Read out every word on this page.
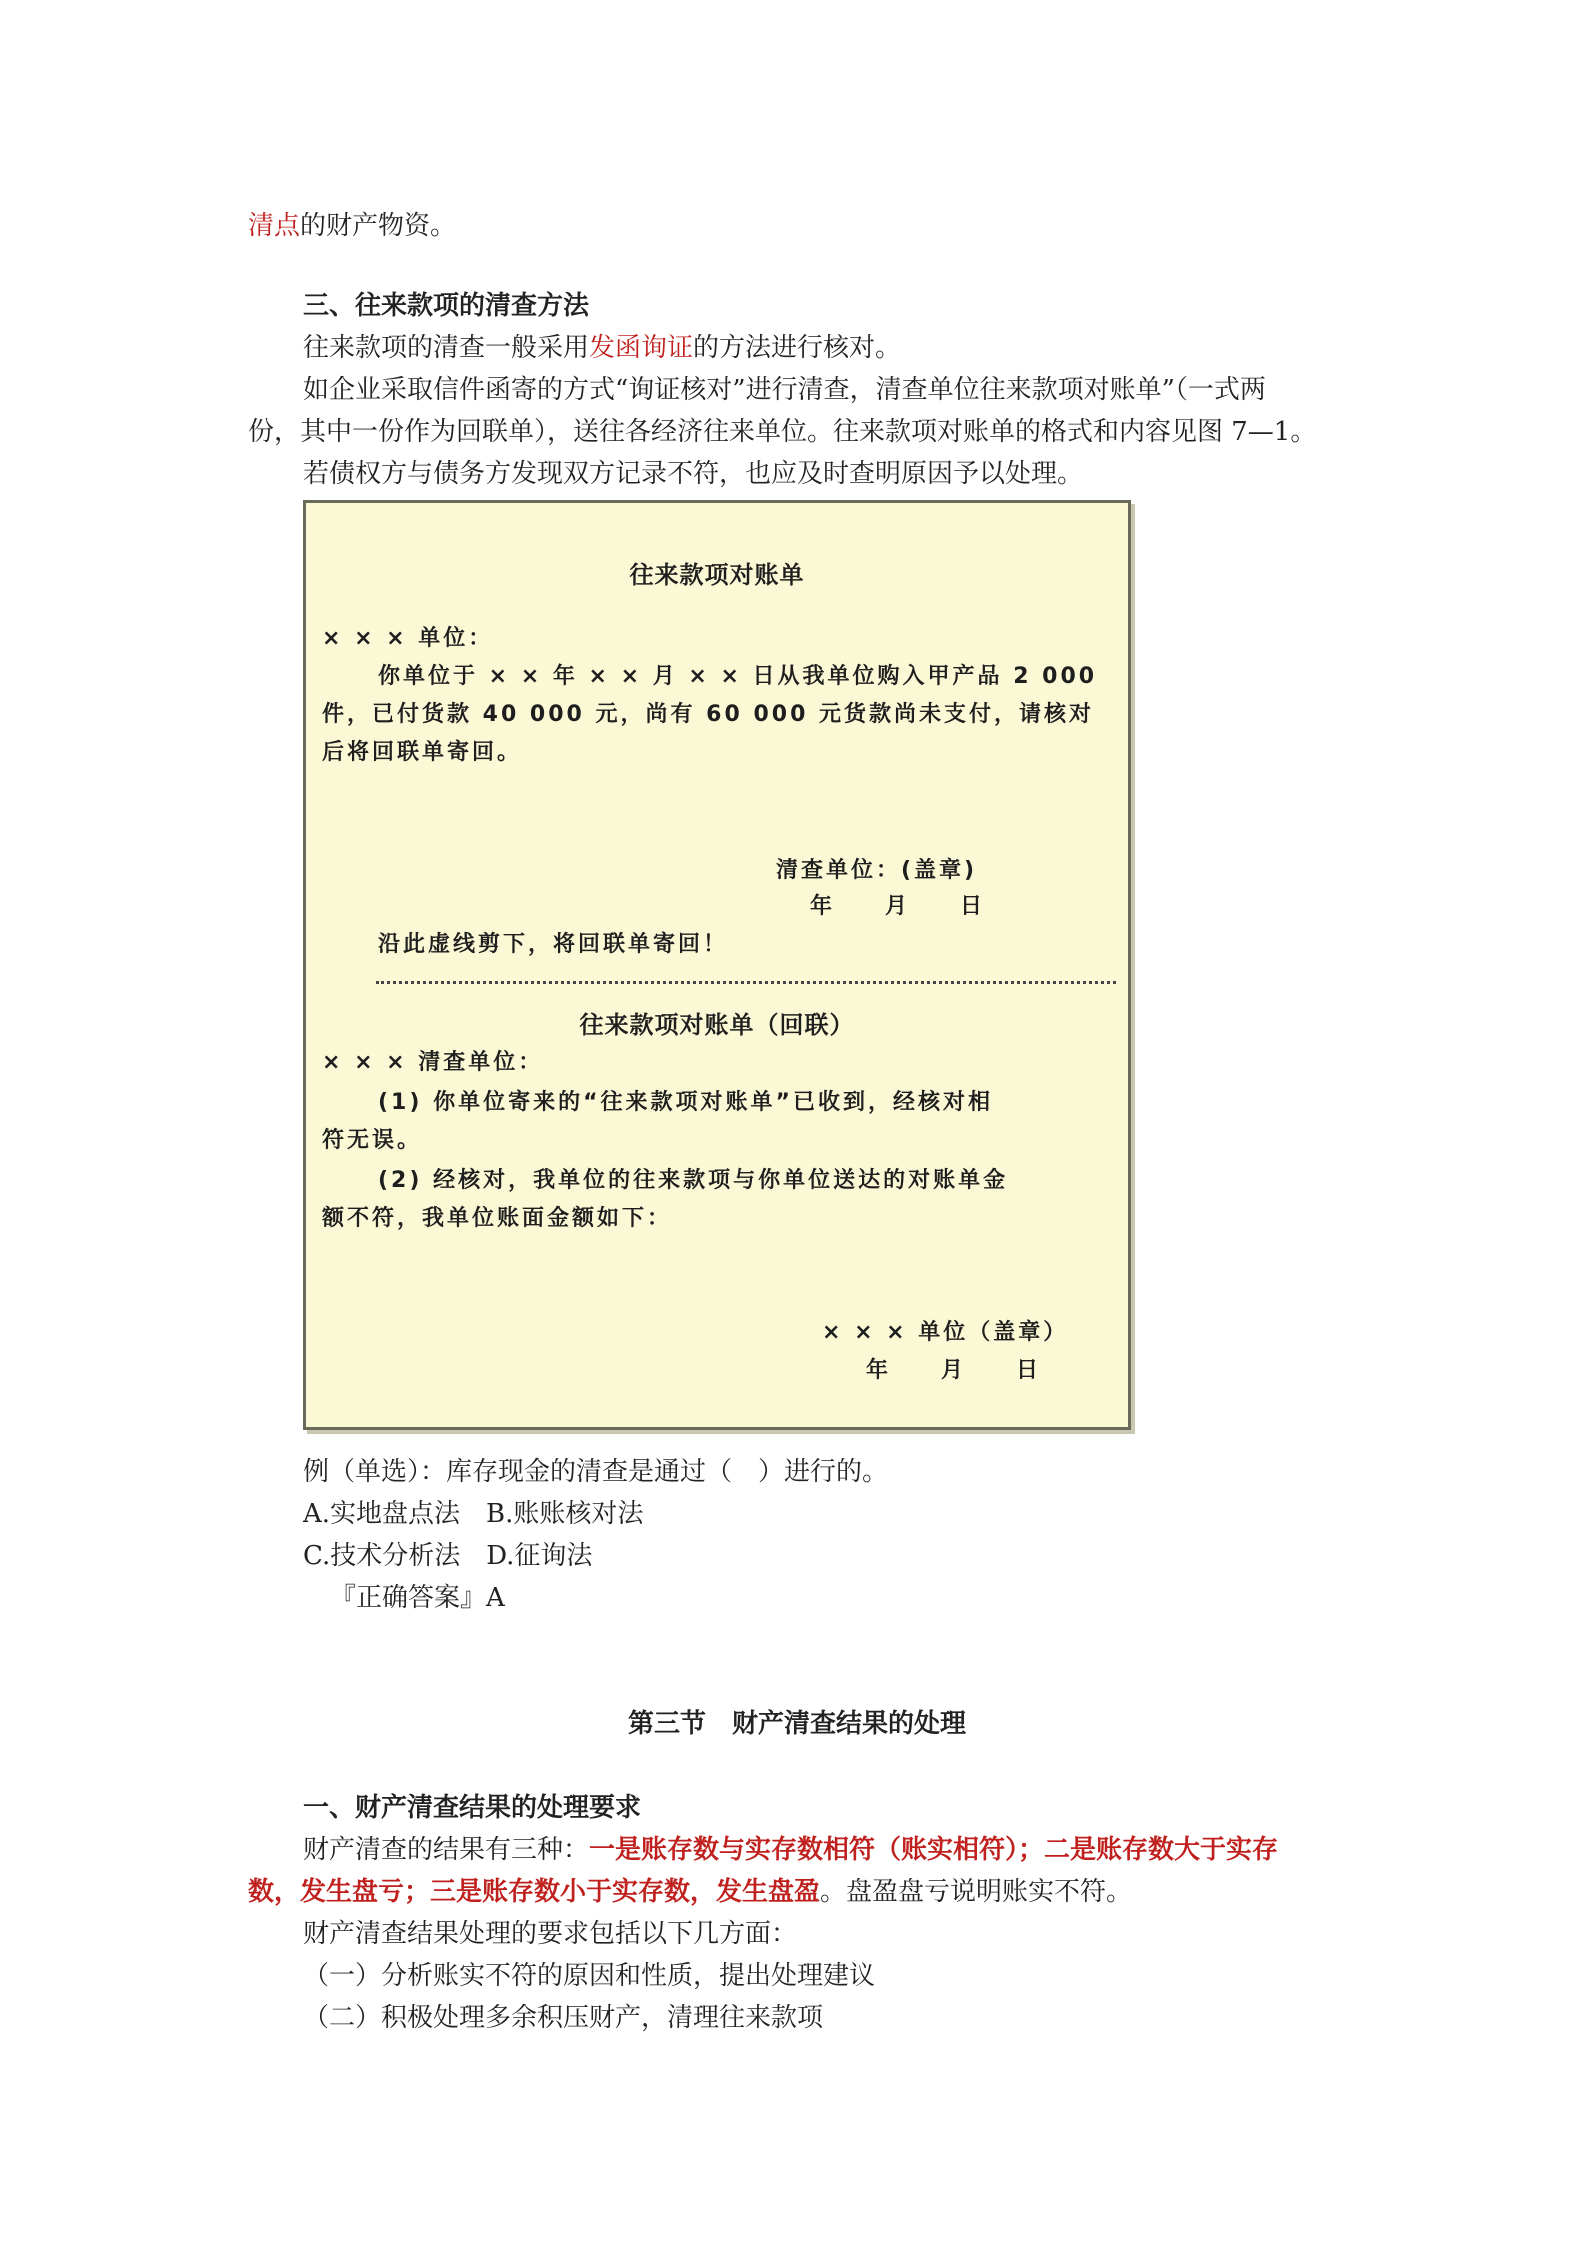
清点的财产物资。
三、往来款项的清查方法
往来款项的清查一般采用发函询证的方法进行核对。
如企业采取信件函寄的方式“询证核对”进行清查，清查单位往来款项对账单”（一式两
份，其中一份作为回联单），送往各经济往来单位。往来款项对账单的格式和内容见图 7—1。
若债权方与债务方发现双方记录不符，也应及时查明原因予以处理。
往来款项对账单
× × × 单位：
你单位于 × × 年 × × 月 × × 日从我单位购入甲产品 2 000
件，已付货款 40 000 元，尚有 60 000 元货款尚未支付，请核对
后将回联单寄回。
清查单位：(盖章)
年　　月　　日
沿此虚线剪下，将回联单寄回！
往来款项对账单（回联）
× × × 清查单位：
(1) 你单位寄来的“往来款项对账单”已收到，经核对相
符无误。
(2) 经核对，我单位的往来款项与你单位送达的对账单金
额不符，我单位账面金额如下：
× × × 单位（盖章）
年　　月　　日
例（单选）：库存现金的清查是通过（　）进行的。
A.实地盘点法　B.账账核对法
C.技术分析法　D.征询法
『正确答案』A
第三节　财产清查结果的处理
一、财产清查结果的处理要求
财产清查的结果有三种：一是账存数与实存数相符（账实相符）；二是账存数大于实存
数，发生盘亏；三是账存数小于实存数，发生盘盈。盘盈盘亏说明账实不符。
财产清查结果处理的要求包括以下几方面：
（一）分析账实不符的原因和性质，提出处理建议
（二）积极处理多余积压财产，清理往来款项
